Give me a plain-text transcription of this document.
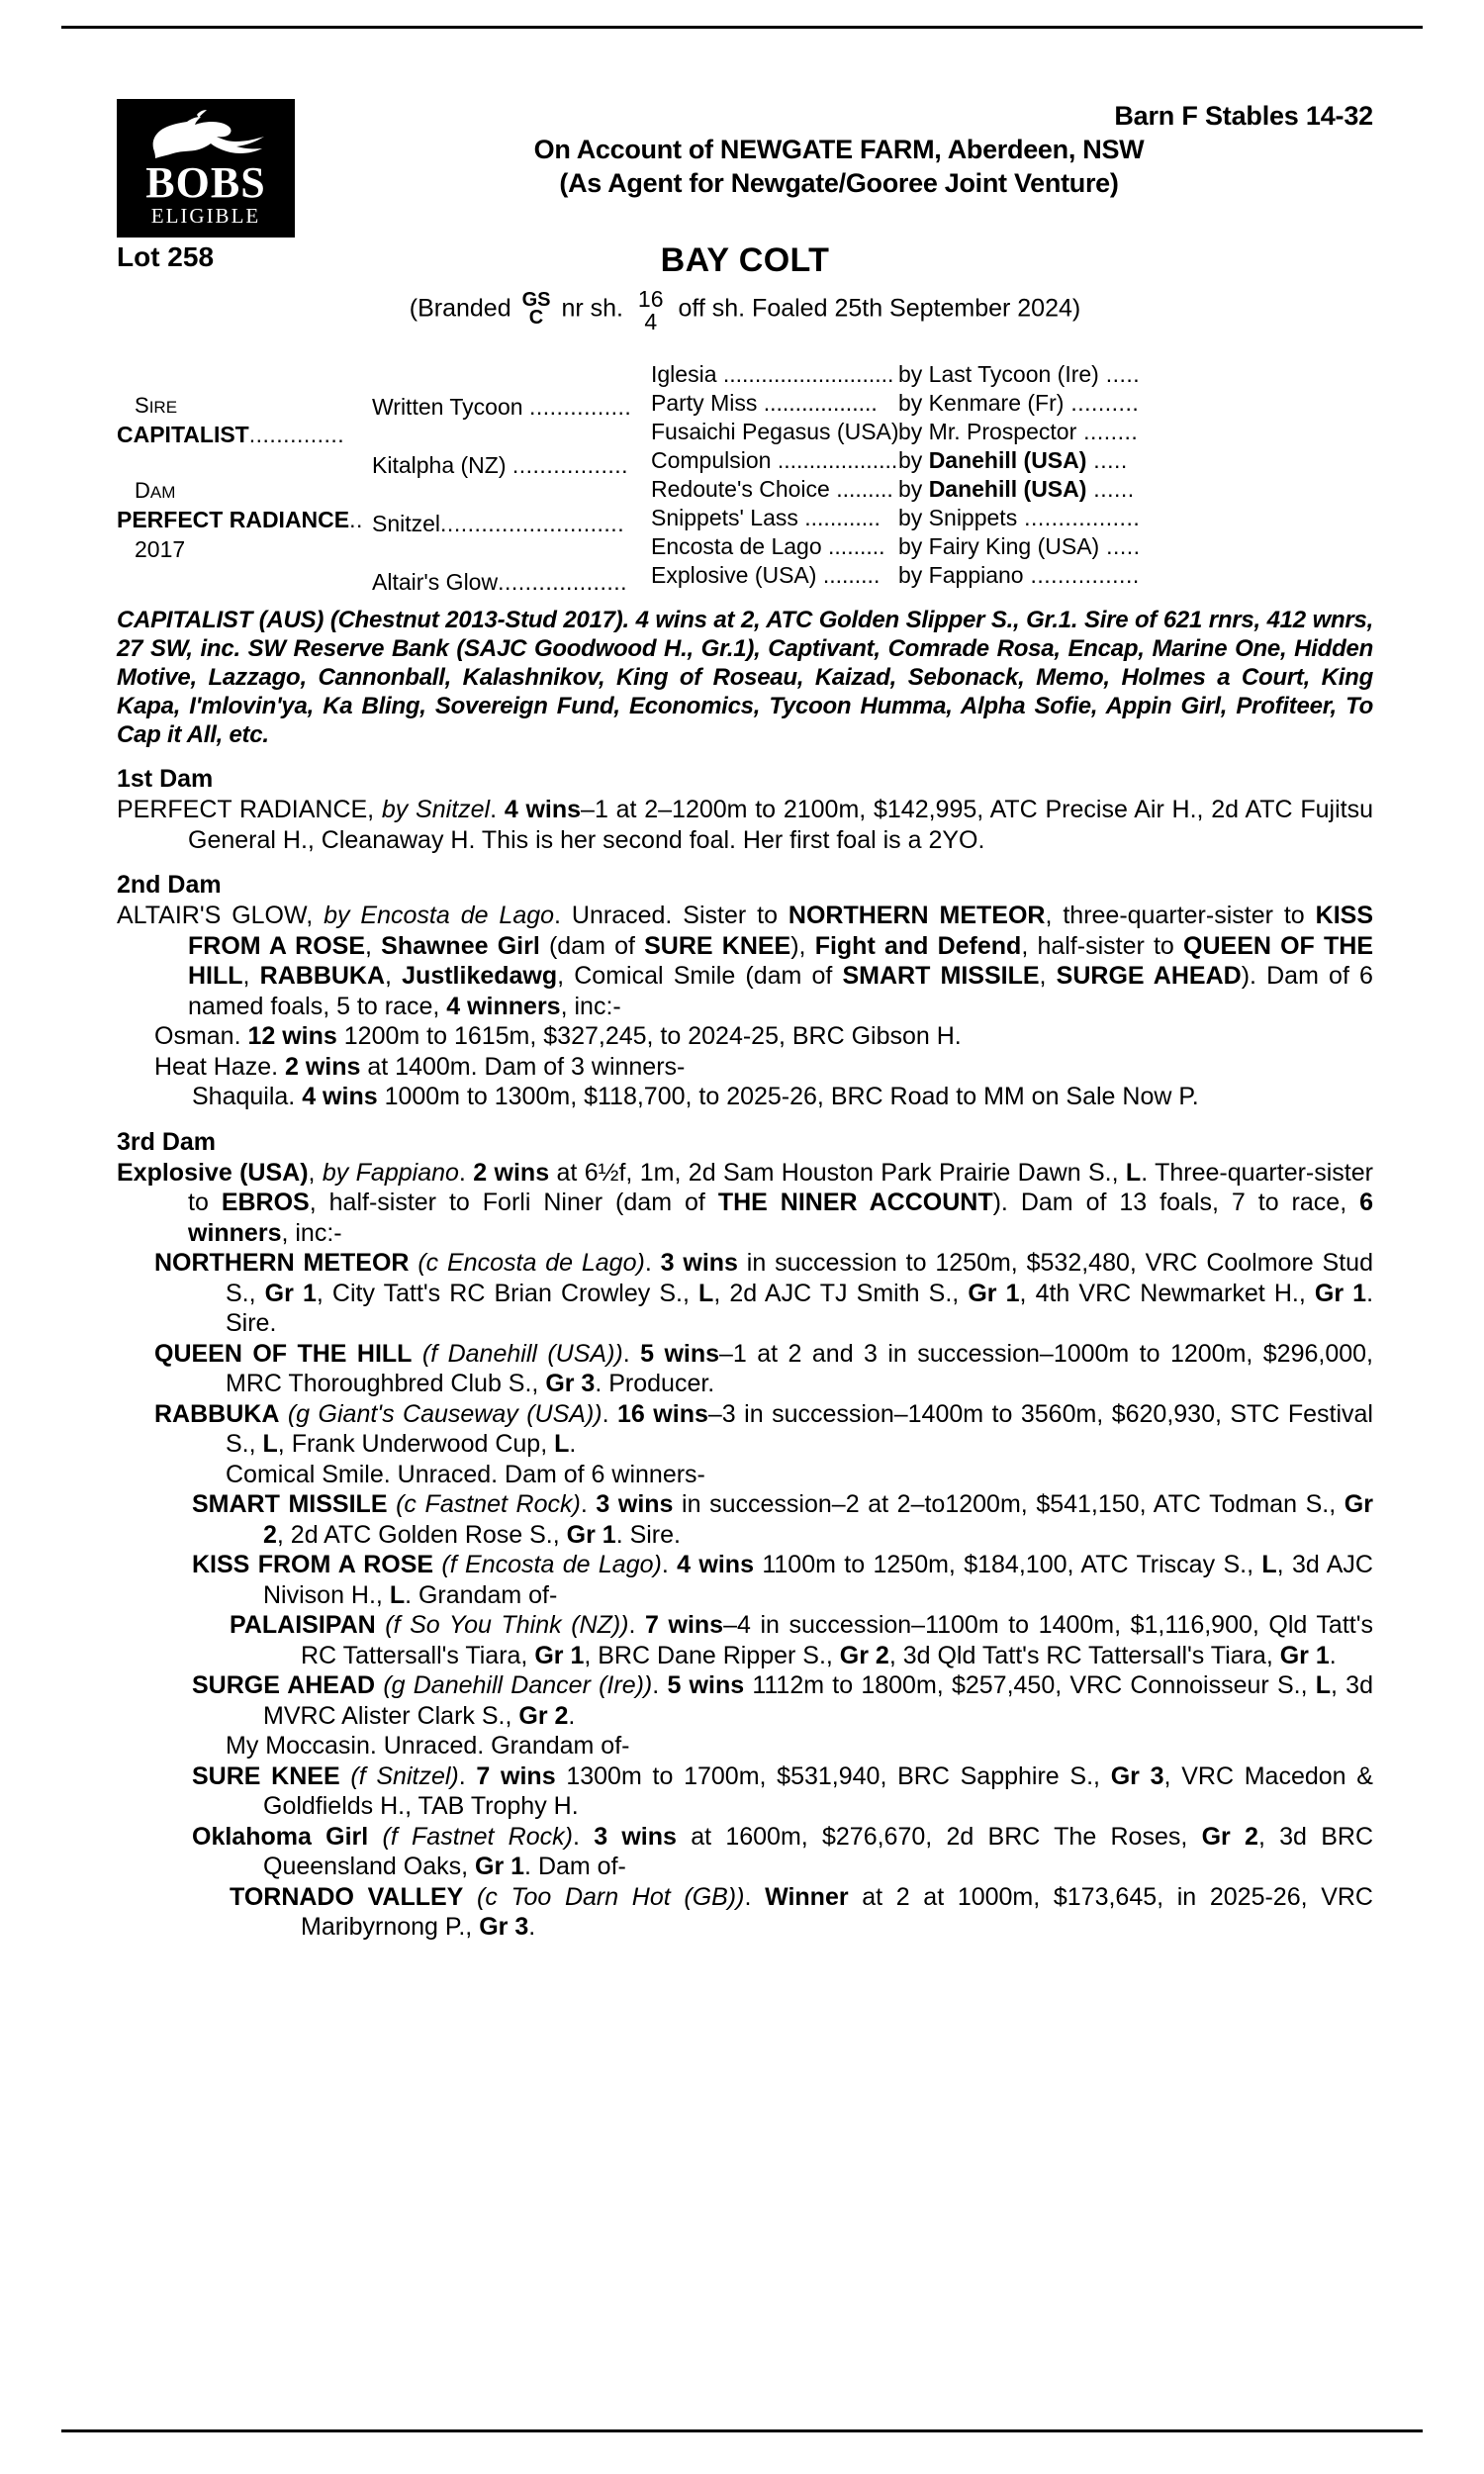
BOBS
ELIGIBLE
Barn F Stables 14-32
On Account of NEWGATE FARM, Aberdeen, NSW
(As Agent for Newgate/Gooree Joint Venture)
Lot 258	BAY COLT
(Branded GS
C nr sh. 16
4 off sh. Foaled 25th September 2024)
SIRE
CAPITALIST..............
DAM
PERFECT RADIANCE..
2017
Written Tycoon ...............
Kitalpha (NZ) .................
Snitzel...........................
Altair's Glow...................
Iglesia ........................... by Last Tycoon (Ire) .....
Party Miss .................. by Kenmare (Fr) ..........
Fusaichi Pegasus (USA)by Mr. Prospector ........
Compulsion ...................by Danehill (USA) .....
Redoute's Choice ......... by Danehill (USA) ......
Snippets' Lass ............ by Snippets .................
Encosta de Lago ......... by Fairy King (USA) .....
Explosive (USA) ......... by Fappiano ................
CAPITALIST (AUS) (Chestnut 2013-Stud 2017). 4 wins at 2, ATC Golden Slipper S., Gr.1. Sire of 621 rnrs, 412 wnrs, 27 SW, inc. SW Reserve Bank (SAJC Goodwood H., Gr.1), Captivant, Comrade Rosa, Encap, Marine One, Hidden Motive, Lazzago, Cannonball, Kalashnikov, King of Roseau, Kaizad, Sebonack, Memo, Holmes a Court, King Kapa, I'mlovin'ya, Ka Bling, Sovereign Fund, Economics, Tycoon Humma, Alpha Sofie, Appin Girl, Profiteer, To Cap it All, etc.
1st Dam
PERFECT RADIANCE, by Snitzel. 4 wins–1 at 2–1200m to 2100m, $142,995, ATC Precise Air H., 2d ATC Fujitsu General H., Cleanaway H. This is her second foal. Her first foal is a 2YO.
2nd Dam
ALTAIR'S GLOW, by Encosta de Lago. Unraced. Sister to NORTHERN METEOR, three-quarter-sister to KISS FROM A ROSE, Shawnee Girl (dam of SURE KNEE), Fight and Defend, half-sister to QUEEN OF THE HILL, RABBUKA, Justlikedawg, Comical Smile (dam of SMART MISSILE, SURGE AHEAD). Dam of 6 named foals, 5 to race, 4 winners, inc:-
Osman. 12 wins 1200m to 1615m, $327,245, to 2024-25, BRC Gibson H.
Heat Haze. 2 wins at 1400m. Dam of 3 winners-
Shaquila. 4 wins 1000m to 1300m, $118,700, to 2025-26, BRC Road to MM on Sale Now P.
3rd Dam
Explosive (USA), by Fappiano. 2 wins at 6½f, 1m, 2d Sam Houston Park Prairie Dawn S., L. Three-quarter-sister to EBROS, half-sister to Forli Niner (dam of THE NINER ACCOUNT). Dam of 13 foals, 7 to race, 6 winners, inc:-
NORTHERN METEOR (c Encosta de Lago). 3 wins in succession to 1250m, $532,480, VRC Coolmore Stud S., Gr 1, City Tatt's RC Brian Crowley S., L, 2d AJC TJ Smith S., Gr 1, 4th VRC Newmarket H., Gr 1. Sire.
QUEEN OF THE HILL (f Danehill (USA)). 5 wins–1 at 2 and 3 in succession–1000m to 1200m, $296,000, MRC Thoroughbred Club S., Gr 3. Producer.
RABBUKA (g Giant's Causeway (USA)). 16 wins–3 in succession–1400m to 3560m, $620,930, STC Festival S., L, Frank Underwood Cup, L.
Comical Smile. Unraced. Dam of 6 winners-
SMART MISSILE (c Fastnet Rock). 3 wins in succession–2 at 2–to1200m, $541,150, ATC Todman S., Gr 2, 2d ATC Golden Rose S., Gr 1. Sire.
KISS FROM A ROSE (f Encosta de Lago). 4 wins 1100m to 1250m, $184,100, ATC Triscay S., L, 3d AJC Nivison H., L. Grandam of-
PALAISIPAN (f So You Think (NZ)). 7 wins–4 in succession–1100m to 1400m, $1,116,900, Qld Tatt's RC Tattersall's Tiara, Gr 1, BRC Dane Ripper S., Gr 2, 3d Qld Tatt's RC Tattersall's Tiara, Gr 1.
SURGE AHEAD (g Danehill Dancer (Ire)). 5 wins 1112m to 1800m, $257,450, VRC Connoisseur S., L, 3d MVRC Alister Clark S., Gr 2.
My Moccasin. Unraced. Grandam of-
SURE KNEE (f Snitzel). 7 wins 1300m to 1700m, $531,940, BRC Sapphire S., Gr 3, VRC Macedon & Goldfields H., TAB Trophy H.
Oklahoma Girl (f Fastnet Rock). 3 wins at 1600m, $276,670, 2d BRC The Roses, Gr 2, 3d BRC Queensland Oaks, Gr 1. Dam of-
TORNADO VALLEY (c Too Darn Hot (GB)). Winner at 2 at 1000m, $173,645, in 2025-26, VRC Maribyrnong P., Gr 3.
